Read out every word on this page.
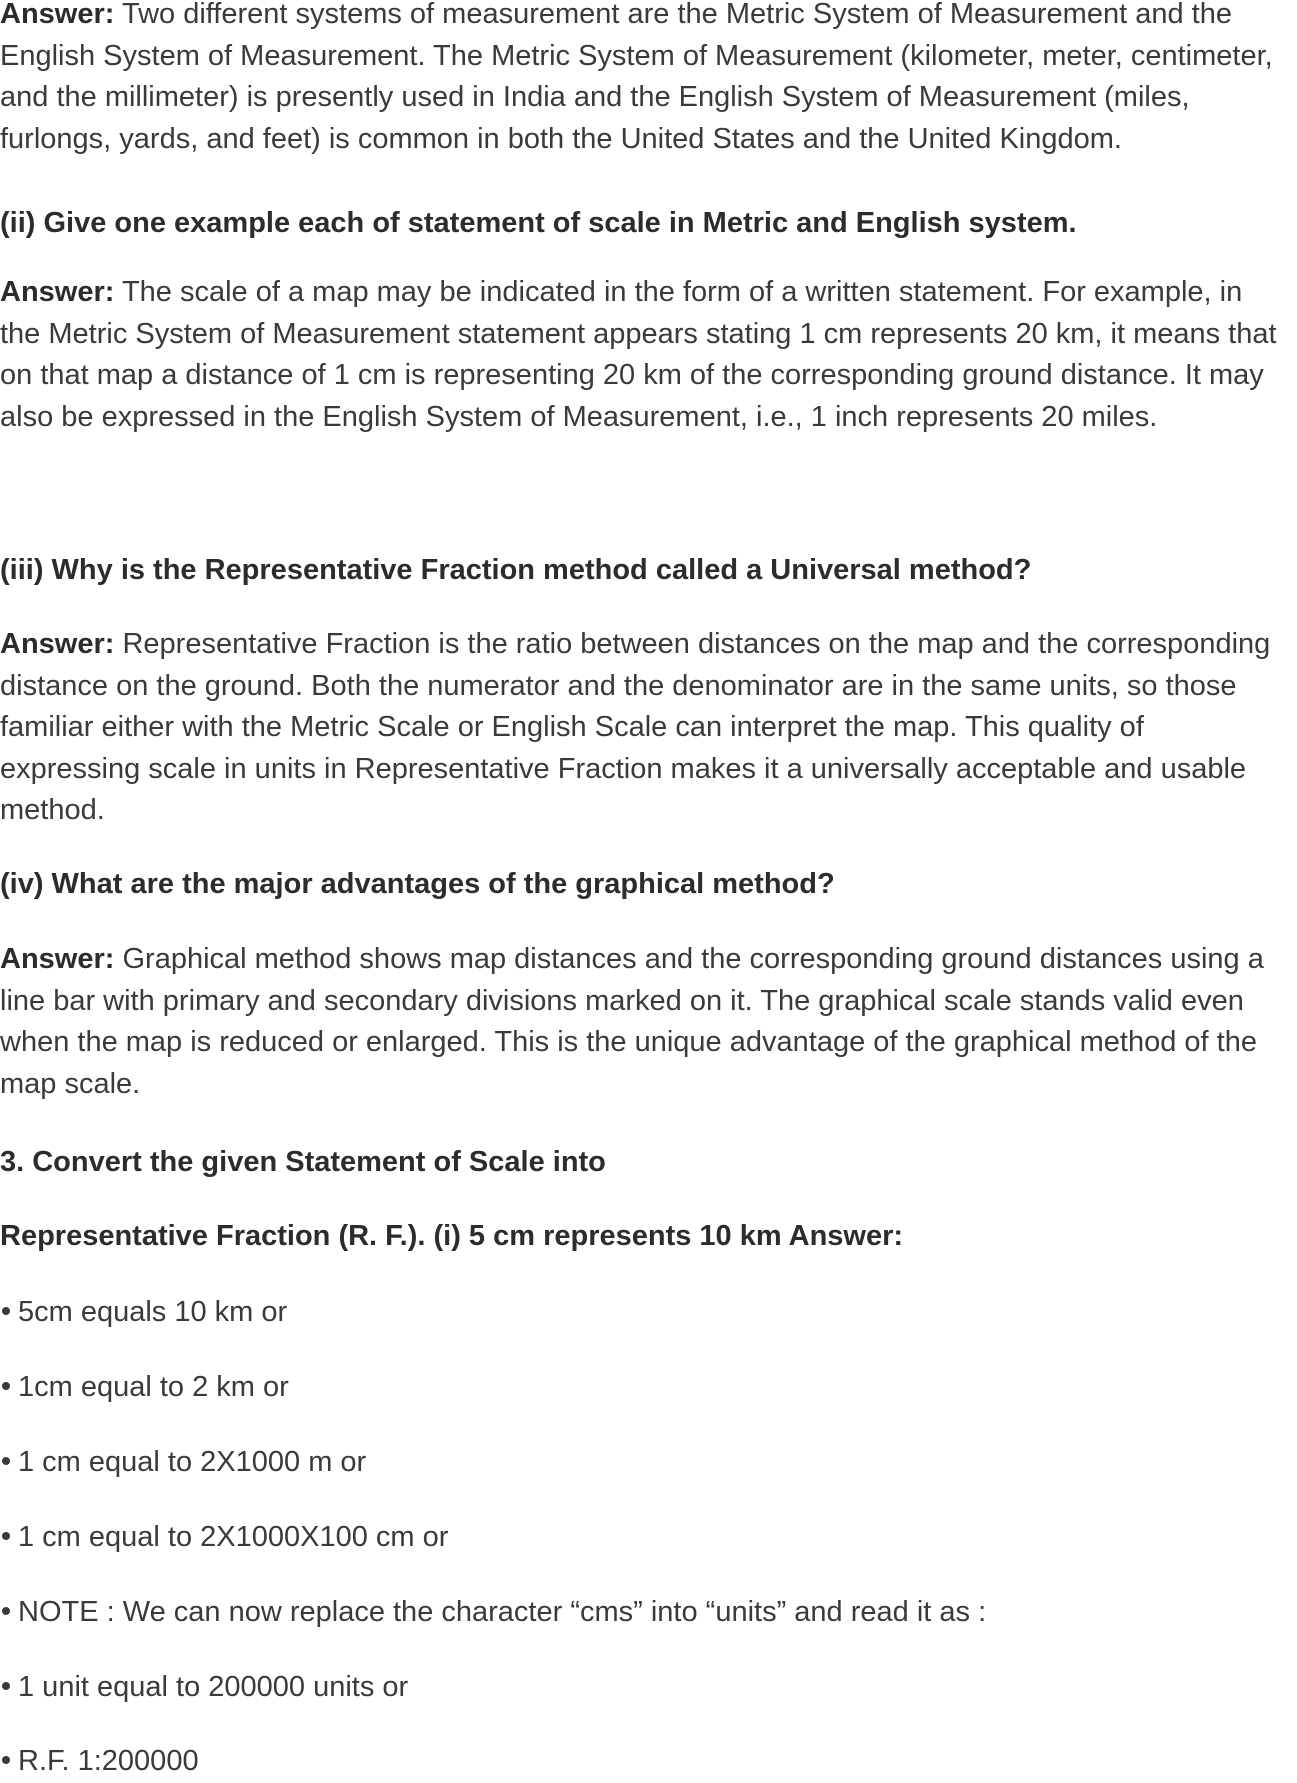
Answer: Two different systems of measurement are the Metric System of Measurement and the English System of Measurement. The Metric System of Measurement (kilometer, meter, centimeter, and the millimeter) is presently used in India and the English System of Measurement (miles, furlongs, yards, and feet) is common in both the United States and the United Kingdom.

(ii) Give one example each of statement of scale in Metric and English system.

Answer: The scale of a map may be indicated in the form of a written statement. For example, in the Metric System of Measurement statement appears stating 1 cm represents 20 km, it means that on that map a distance of 1 cm is representing 20 km of the corresponding ground distance. It may also be expressed in the English System of Measurement, i.e., 1 inch represents 20 miles.

(iii) Why is the Representative Fraction method called a Universal method?

Answer: Representative Fraction is the ratio between distances on the map and the corresponding distance on the ground. Both the numerator and the denominator are in the same units, so those familiar either with the Metric Scale or English Scale can interpret the map. This quality of expressing scale in units in Representative Fraction makes it a universally acceptable and usable method.

(iv) What are the major advantages of the graphical method?

Answer: Graphical method shows map distances and the corresponding ground distances using a line bar with primary and secondary divisions marked on it. The graphical scale stands valid even when the map is reduced or enlarged. This is the unique advantage of the graphical method of the map scale.

3. Convert the given Statement of Scale into

Representative Fraction (R. F.). (i) 5 cm represents 10 km Answer:

5cm equals 10 km or

1cm equal to 2 km or

1 cm equal to 2X1000 m or

1 cm equal to 2X1000X100 cm or

NOTE : We can now replace the character “cms” into “units” and read it as :

1 unit equal to 200000 units or

R.F. 1:200000
